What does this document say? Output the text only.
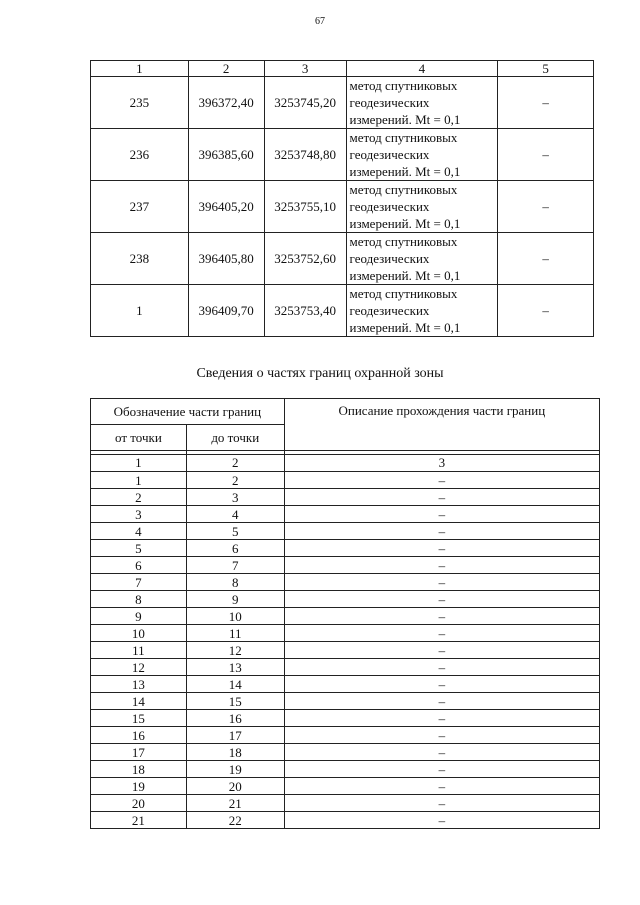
67
1	2	3	4	5
235	396372,40	3253745,20	метод спутниковых
геодезических
измерений. Mt = 0,1	–
236	396385,60	3253748,80	метод спутниковых
геодезических
измерений. Mt = 0,1	–
237	396405,20	3253755,10	метод спутниковых
геодезических
измерений. Mt = 0,1	–
238	396405,80	3253752,60	метод спутниковых
геодезических
измерений. Mt = 0,1	–
1	396409,70	3253753,40	метод спутниковых
геодезических
измерений. Mt = 0,1	–
Сведения о частях границ охранной зоны
Обозначение части границ		Описание прохождения части границ
от точки	до точки	

1	2	3
1	2	–
2	3	–
3	4	–
4	5	–
5	6	–
6	7	–
7	8	–
8	9	–
9	10	–
10	11	–
11	12	–
12	13	–
13	14	–
14	15	–
15	16	–
16	17	–
17	18	–
18	19	–
19	20	–
20	21	–
21	22	–
